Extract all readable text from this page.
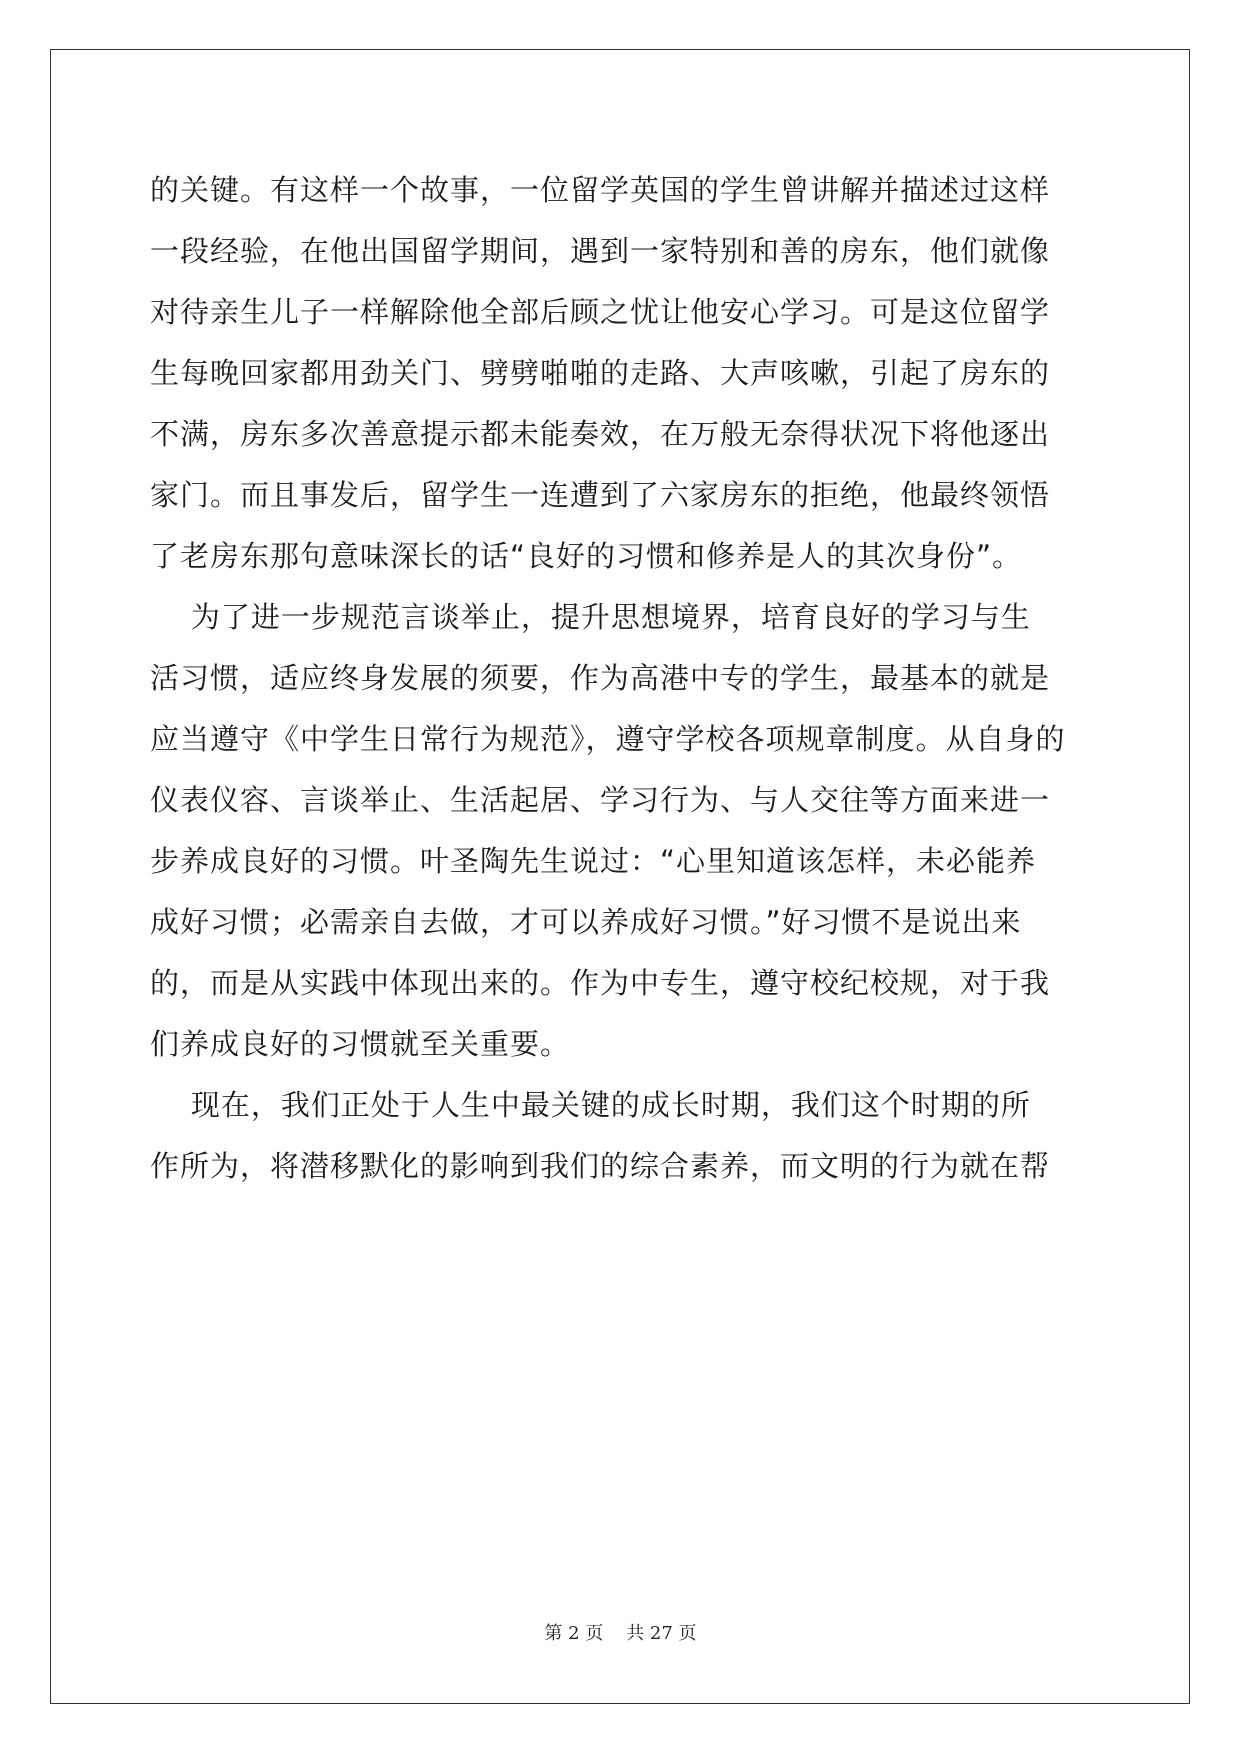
的关键。有这样一个故事，一位留学英国的学生曾讲解并描述过这样
一段经验，在他出国留学期间，遇到一家特别和善的房东，他们就像
对待亲生儿子一样解除他全部后顾之忧让他安心学习。可是这位留学
生每晚回家都用劲关门、劈劈啪啪的走路、大声咳嗽，引起了房东的
不满，房东多次善意提示都未能奏效，在万般无奈得状况下将他逐出
家门。而且事发后，留学生一连遭到了六家房东的拒绝，他最终领悟
了老房东那句意味深长的话“良好的习惯和修养是人的其次身份”。
为了进一步规范言谈举止，提升思想境界，培育良好的学习与生
活习惯，适应终身发展的须要，作为高港中专的学生，最基本的就是
应当遵守《中学生日常行为规范》，遵守学校各项规章制度。从自身的
仪表仪容、言谈举止、生活起居、学习行为、与人交往等方面来进一
步养成良好的习惯。叶圣陶先生说过：“心里知道该怎样，未必能养
成好习惯；必需亲自去做，才可以养成好习惯。”好习惯不是说出来
的，而是从实践中体现出来的。作为中专生，遵守校纪校规，对于我
们养成良好的习惯就至关重要。
现在，我们正处于人生中最关键的成长时期，我们这个时期的所
作所为，将潜移默化的影响到我们的综合素养，而文明的行为就在帮
第 2 页    共 27 页
